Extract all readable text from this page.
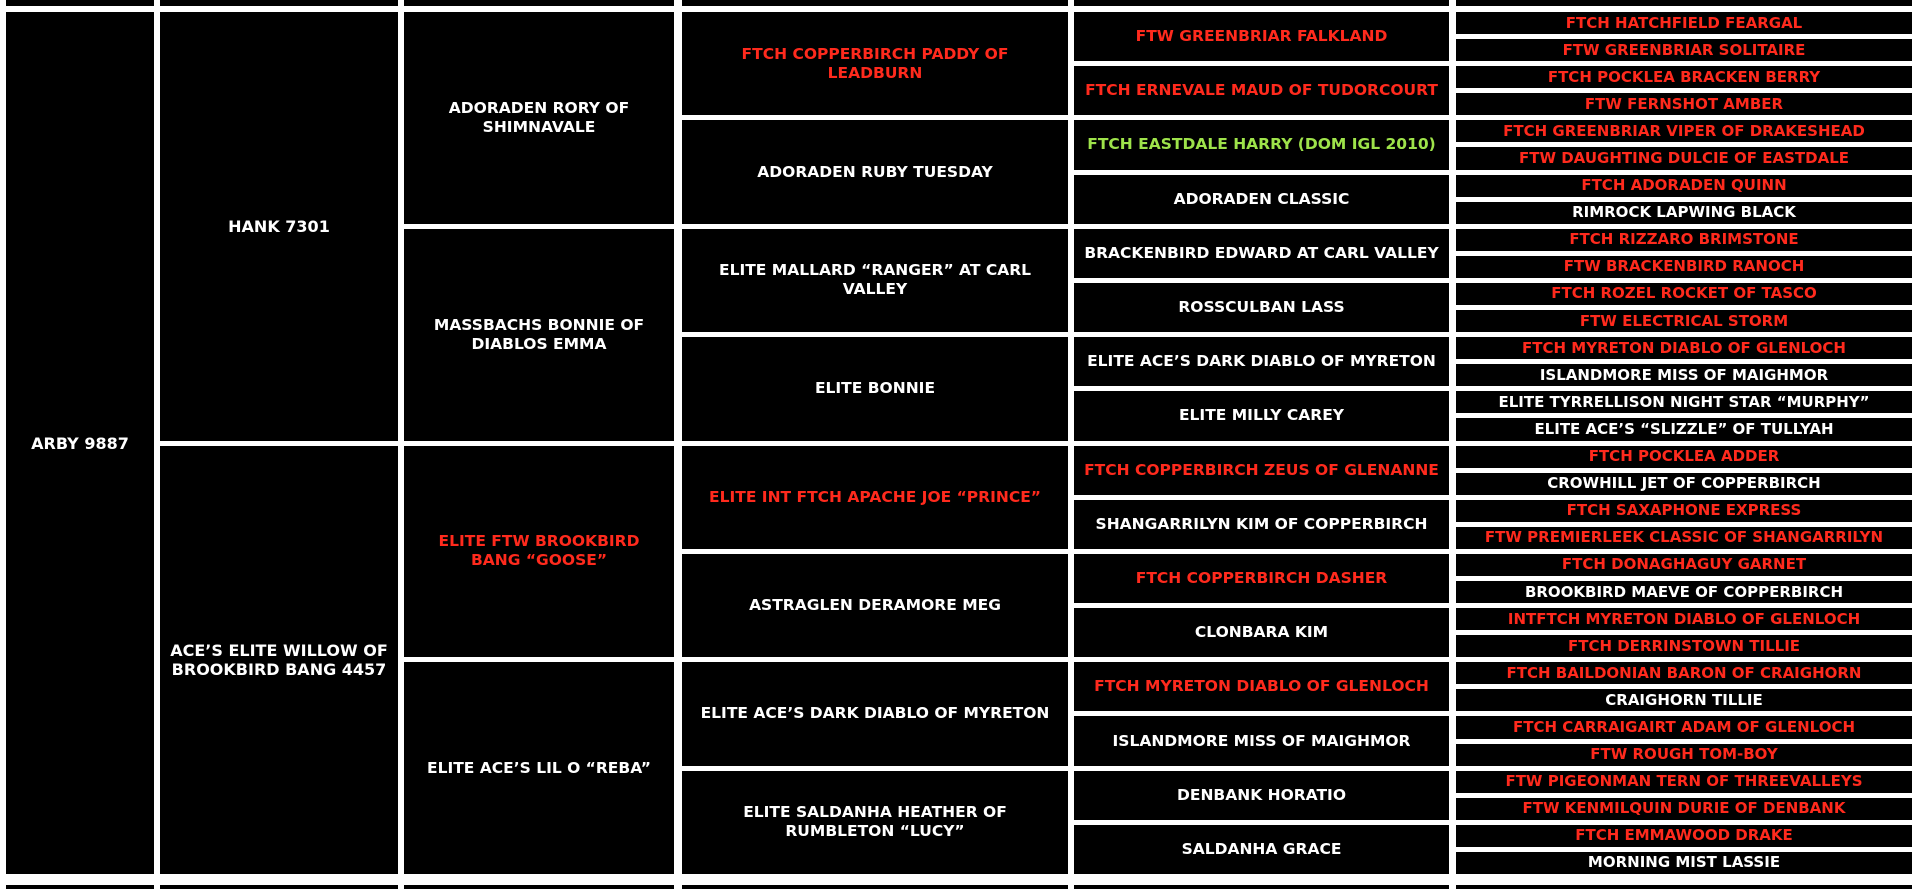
ARBY 9887
HANK 7301
ACE’S ELITE WILLOW OF BROOKBIRD BANG 4457
ADORADEN RORY OF SHIMNAVALE
MASSBACHS BONNIE OF DIABLOS EMMA
ELITE FTW BROOKBIRD BANG “GOOSE”
ELITE ACE’S LIL O “REBA”
FTCH COPPERBIRCH PADDY OF LEADBURN
ADORADEN RUBY TUESDAY
ELITE MALLARD “RANGER” AT CARL VALLEY
ELITE BONNIE
ELITE INT FTCH APACHE JOE “PRINCE”
ASTRAGLEN DERAMORE MEG
ELITE ACE’S DARK DIABLO OF MYRETON
ELITE SALDANHA HEATHER OF RUMBLETON “LUCY”
FTW GREENBRIAR FALKLAND
FTCH ERNEVALE MAUD OF TUDORCOURT
FTCH EASTDALE HARRY (DOM IGL 2010)
ADORADEN CLASSIC
BRACKENBIRD EDWARD AT CARL VALLEY
ROSSCULBAN LASS
ELITE ACE’S DARK DIABLO OF MYRETON
ELITE MILLY CAREY
FTCH COPPERBIRCH ZEUS OF GLENANNE
SHANGARRILYN KIM OF COPPERBIRCH
FTCH COPPERBIRCH DASHER
CLONBARA KIM
FTCH MYRETON DIABLO OF GLENLOCH
ISLANDMORE MISS OF MAIGHMOR
DENBANK HORATIO
SALDANHA GRACE
FTCH HATCHFIELD FEARGAL
FTW GREENBRIAR SOLITAIRE
FTCH POCKLEA BRACKEN BERRY
FTW FERNSHOT AMBER
FTCH GREENBRIAR VIPER OF DRAKESHEAD
FTW DAUGHTING DULCIE OF EASTDALE
FTCH ADORADEN QUINN
RIMROCK LAPWING BLACK
FTCH RIZZARO BRIMSTONE
FTW BRACKENBIRD RANOCH
FTCH ROZEL ROCKET OF TASCO
FTW ELECTRICAL STORM
FTCH MYRETON DIABLO OF GLENLOCH
ISLANDMORE MISS OF MAIGHMOR
ELITE TYRRELLISON NIGHT STAR “MURPHY”
ELITE ACE’S “SLIZZLE” OF TULLYAH
FTCH POCKLEA ADDER
CROWHILL JET OF COPPERBIRCH
FTCH SAXAPHONE EXPRESS
FTW PREMIERLEEK CLASSIC OF SHANGARRILYN
FTCH DONAGHAGUY GARNET
BROOKBIRD MAEVE OF COPPERBIRCH
INTFTCH MYRETON DIABLO OF GLENLOCH
FTCH DERRINSTOWN TILLIE
FTCH BAILDONIAN BARON OF CRAIGHORN
CRAIGHORN TILLIE
FTCH CARRAIGAIRT ADAM OF GLENLOCH
FTW ROUGH TOM-BOY
FTW PIGEONMAN TERN OF THREEVALLEYS
FTW KENMILQUIN DURIE OF DENBANK
FTCH EMMAWOOD DRAKE
MORNING MIST LASSIE
